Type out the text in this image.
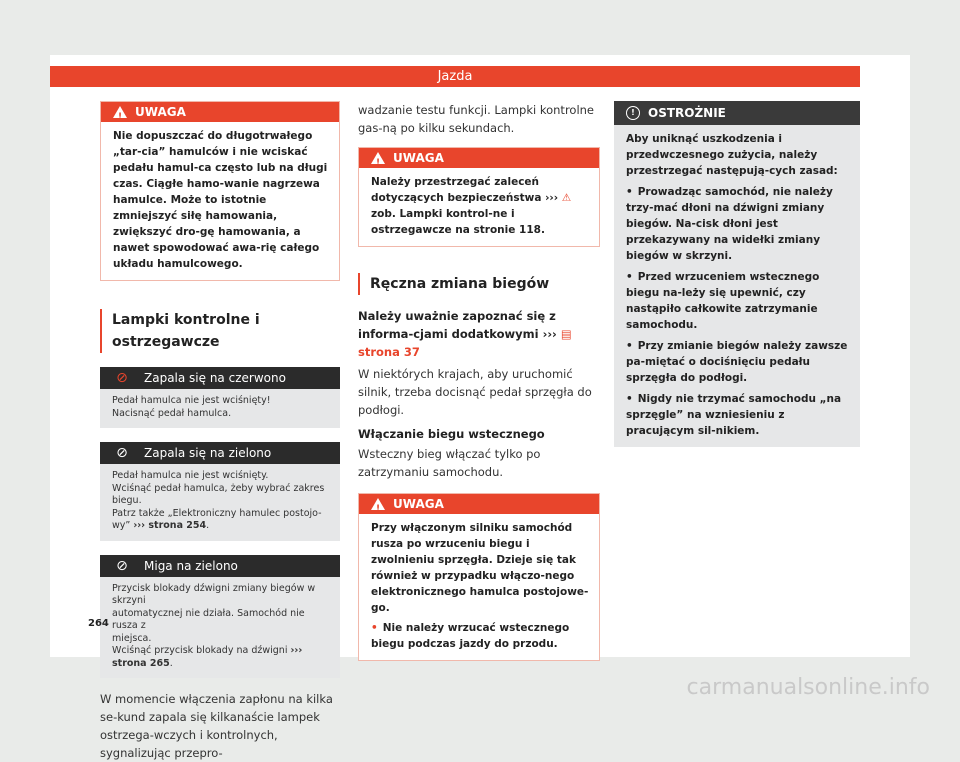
Jazda
!
UWAGA
Nie dopuszczać do długotrwałego „tar-cia” hamulców i nie wciskać pedału hamul-ca często lub na długi czas. Ciągłe hamo-wanie nagrzewa hamulce. Może to istotnie zmniejszyć siłę hamowania, zwiększyć dro-gę hamowania, a nawet spowodować awa-rię całego układu hamulcowego.
Lampki kontrolne i ostrzegawcze
⊘	Zapala się na czerwono
Pedał hamulca nie jest wciśnięty!
Nacisnąć pedał hamulca.
⊘	Zapala się na zielono
Pedał hamulca nie jest wciśnięty.
Wciśnąć pedał hamulca, żeby wybrać zakres biegu.
Patrz także „Elektroniczny hamulec postojo-
wy” ››› strona 254.
⊘	Miga na zielono
Przycisk blokady dźwigni zmiany biegów w skrzyni
automatycznej nie działa. Samochód nie rusza z
miejsca.
Wciśnąć przycisk blokady na dźwigni ››› strona 265.
W momencie włączenia zapłonu na kilka se-kund zapala się kilkanaście lampek ostrzega-wczych i kontrolnych, sygnalizując przepro-
wadzanie testu funkcji. Lampki kontrolne gas-ną po kilku sekundach.
!
UWAGA
Należy przestrzegać zaleceń dotyczących bezpieczeństwa ››› ⚠ zob. Lampki kontrol-ne i ostrzegawcze na stronie 118.
Ręczna zmiana biegów
Należy uważnie zapoznać się z informa-cjami dodatkowymi ››› ▤ strona 37
W niektórych krajach, aby uruchomić silnik, trzeba docisnąć pedał sprzęgła do podłogi.
Włączanie biegu wstecznego
Wsteczny bieg włączać tylko po zatrzymaniu samochodu.
!
UWAGA
Przy włączonym silniku samochód rusza po wrzuceniu biegu i zwolnieniu sprzęgła. Dzieje się tak również w przypadku włączo-nego elektronicznego hamulca postojowe-go.
• Nie należy wrzucać wstecznego biegu podczas jazdy do przodu.
!	OSTROŻNIE
Aby uniknąć uszkodzenia i przedwczesnego zużycia, należy przestrzegać następują-cych zasad:
• Prowadząc samochód, nie należy trzy-mać dłoni na dźwigni zmiany biegów. Na-cisk dłoni jest przekazywany na widełki zmiany biegów w skrzyni.
• Przed wrzuceniem wstecznego biegu na-leży się upewnić, czy nastąpiło całkowite zatrzymanie samochodu.
• Przy zmianie biegów należy zawsze pa-miętać o dociśnięciu pedału sprzęgła do podłogi.
• Nigdy nie trzymać samochodu „na sprzęgle” na wzniesieniu z pracującym sil-nikiem.
264
carmanualsonline.info
